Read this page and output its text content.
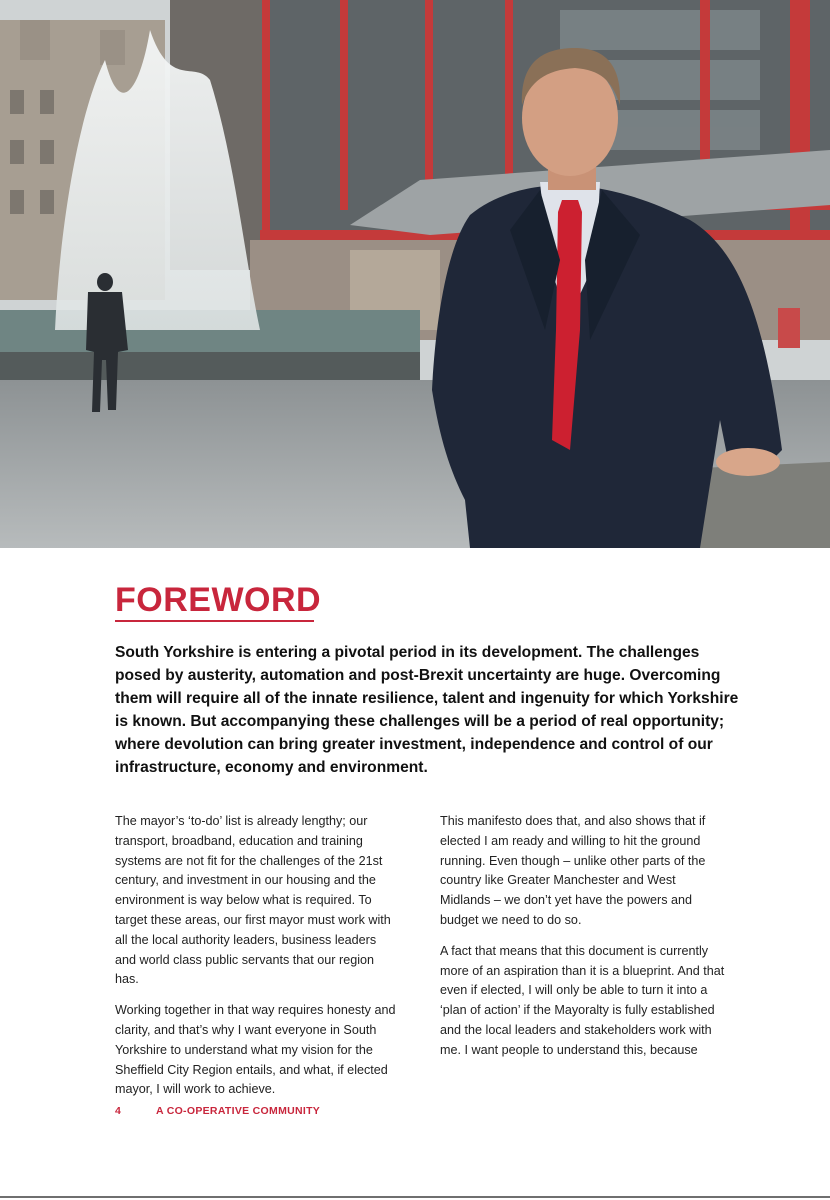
FOREWORD

South Yorkshire is entering a pivotal period in its development. The challenges posed by austerity, automation and post-Brexit uncertainty are huge. Overcoming them will require all of the innate resilience, talent and ingenuity for which Yorkshire is known. But accompanying these challenges will be a period of real opportunity; where devolution can bring greater investment, independence and control of our infrastructure, economy and environment.

The mayor’s ‘to-do’ list is already lengthy; our transport, broadband, education and training systems are not fit for the challenges of the 21st century, and investment in our housing and the environment is way below what is required. To target these areas, our first mayor must work with all the local authority leaders, business leaders and world class public servants that our region has.

Working together in that way requires honesty and clarity, and that’s why I want everyone in South Yorkshire to understand what my vision for the Sheffield City Region entails, and what, if elected mayor, I will work to achieve.

This manifesto does that, and also shows that if elected I am ready and willing to hit the ground running. Even though – unlike other parts of the country like Greater Manchester and West Midlands – we don’t yet have the powers and budget we need to do so.

A fact that means that this document is currently more of an aspiration than it is a blueprint. And that even if elected, I will only be able to turn it into a ‘plan of action’ if the Mayoralty is fully established and the local leaders and stakeholders work with me. I want people to understand this, because

4	A CO-OPERATIVE COMMUNITY
